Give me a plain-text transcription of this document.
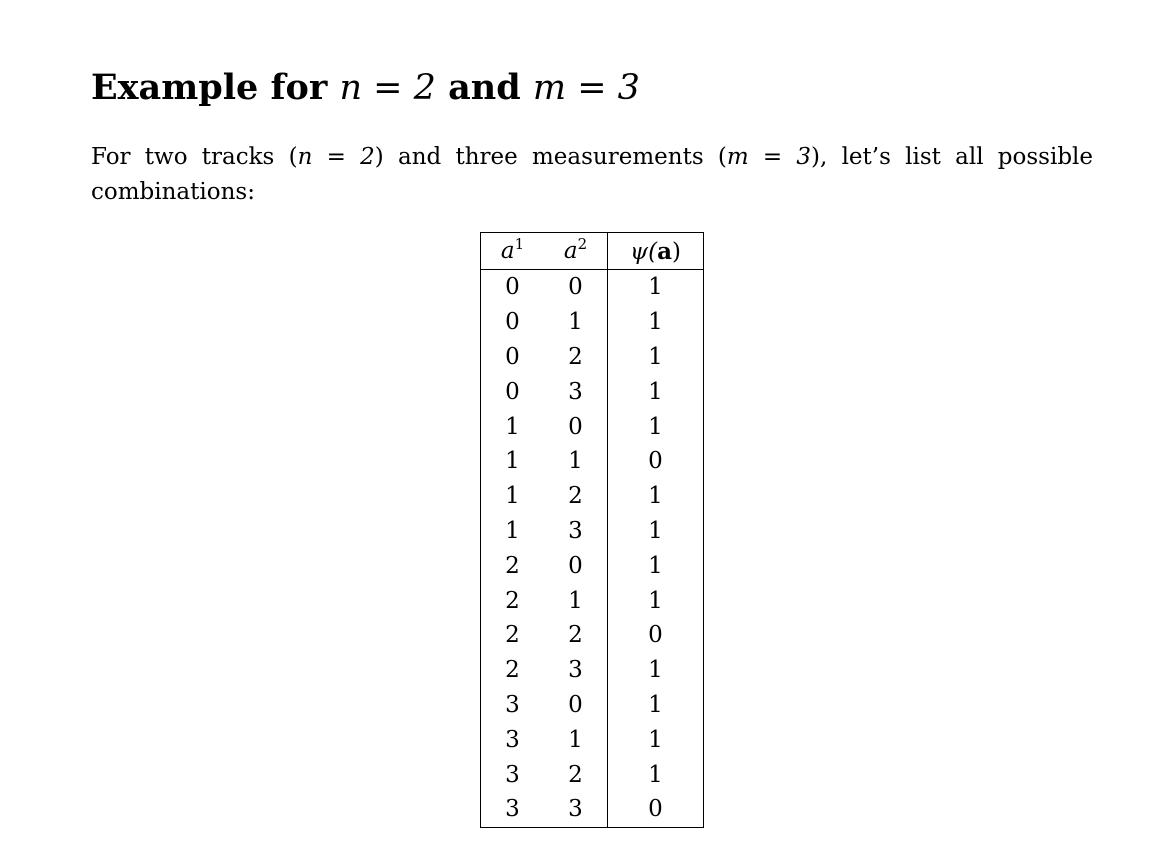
Example for n = 2 and m = 3

For two tracks (n = 2) and three measurements (m = 3), let’s list all possible combinations:

$a^1$	$a^2$	ψ(a)
0	0	1
0	1	1
0	2	1
0	3	1
1	0	1
1	1	0
1	2	1
1	3	1
2	0	1
2	1	1
2	2	0
2	3	1
3	0	1
3	1	1
3	2	1
3	3	0
